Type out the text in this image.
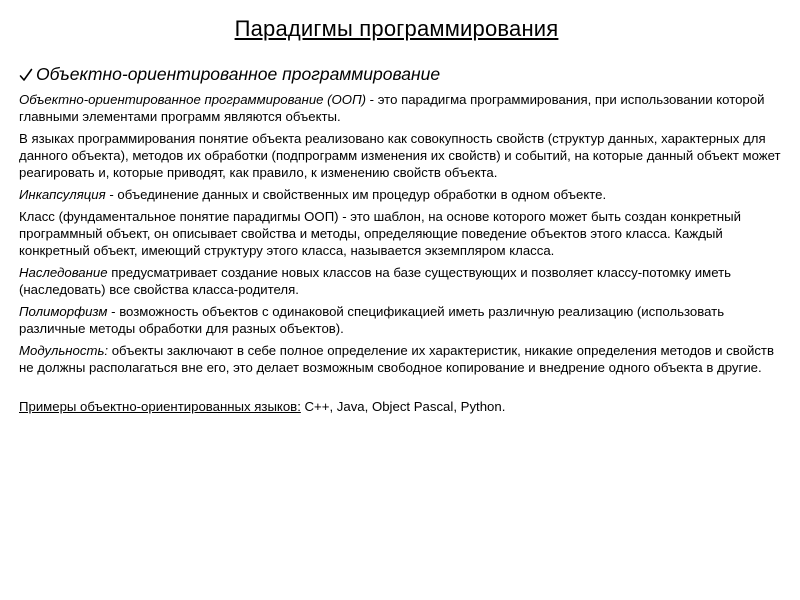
Парадигмы программирования
Объектно-ориентированное программирование

Объектно-ориентированное программирование (ООП) - это парадигма программирования, при использовании которой главными элементами программ являются объекты.

В языках программирования понятие объекта реализовано как совокупность свойств (структур данных, характерных для данного объекта), методов их обработки (подпрограмм изменения их свойств) и событий, на которые данный объект может реагировать и, которые приводят, как правило, к изменению свойств объекта.

Инкапсуляция - объединение данных и свойственных им процедур обработки в одном объекте.

Класс (фундаментальное понятие парадигмы ООП) - это шаблон, на основе которого может быть создан конкретный программный объект, он описывает свойства и методы, определяющие поведение объектов этого класса. Каждый конкретный объект, имеющий структуру этого класса, называется экземпляром класса.

Наследование предусматривает создание новых классов на базе существующих и позволяет классу-потомку иметь (наследовать) все свойства класса-родителя.

Полиморфизм - возможность объектов с одинаковой спецификацией иметь различную реализацию (использовать различные методы обработки для разных объектов).

Модульность: объекты заключают в себе полное определение их характеристик, никакие определения методов и свойств не должны располагаться вне его, это делает возможным свободное копирование и внедрение одного объекта в другие.

Примеры объектно-ориентированных языков: C++, Java, Object Pascal, Python.
